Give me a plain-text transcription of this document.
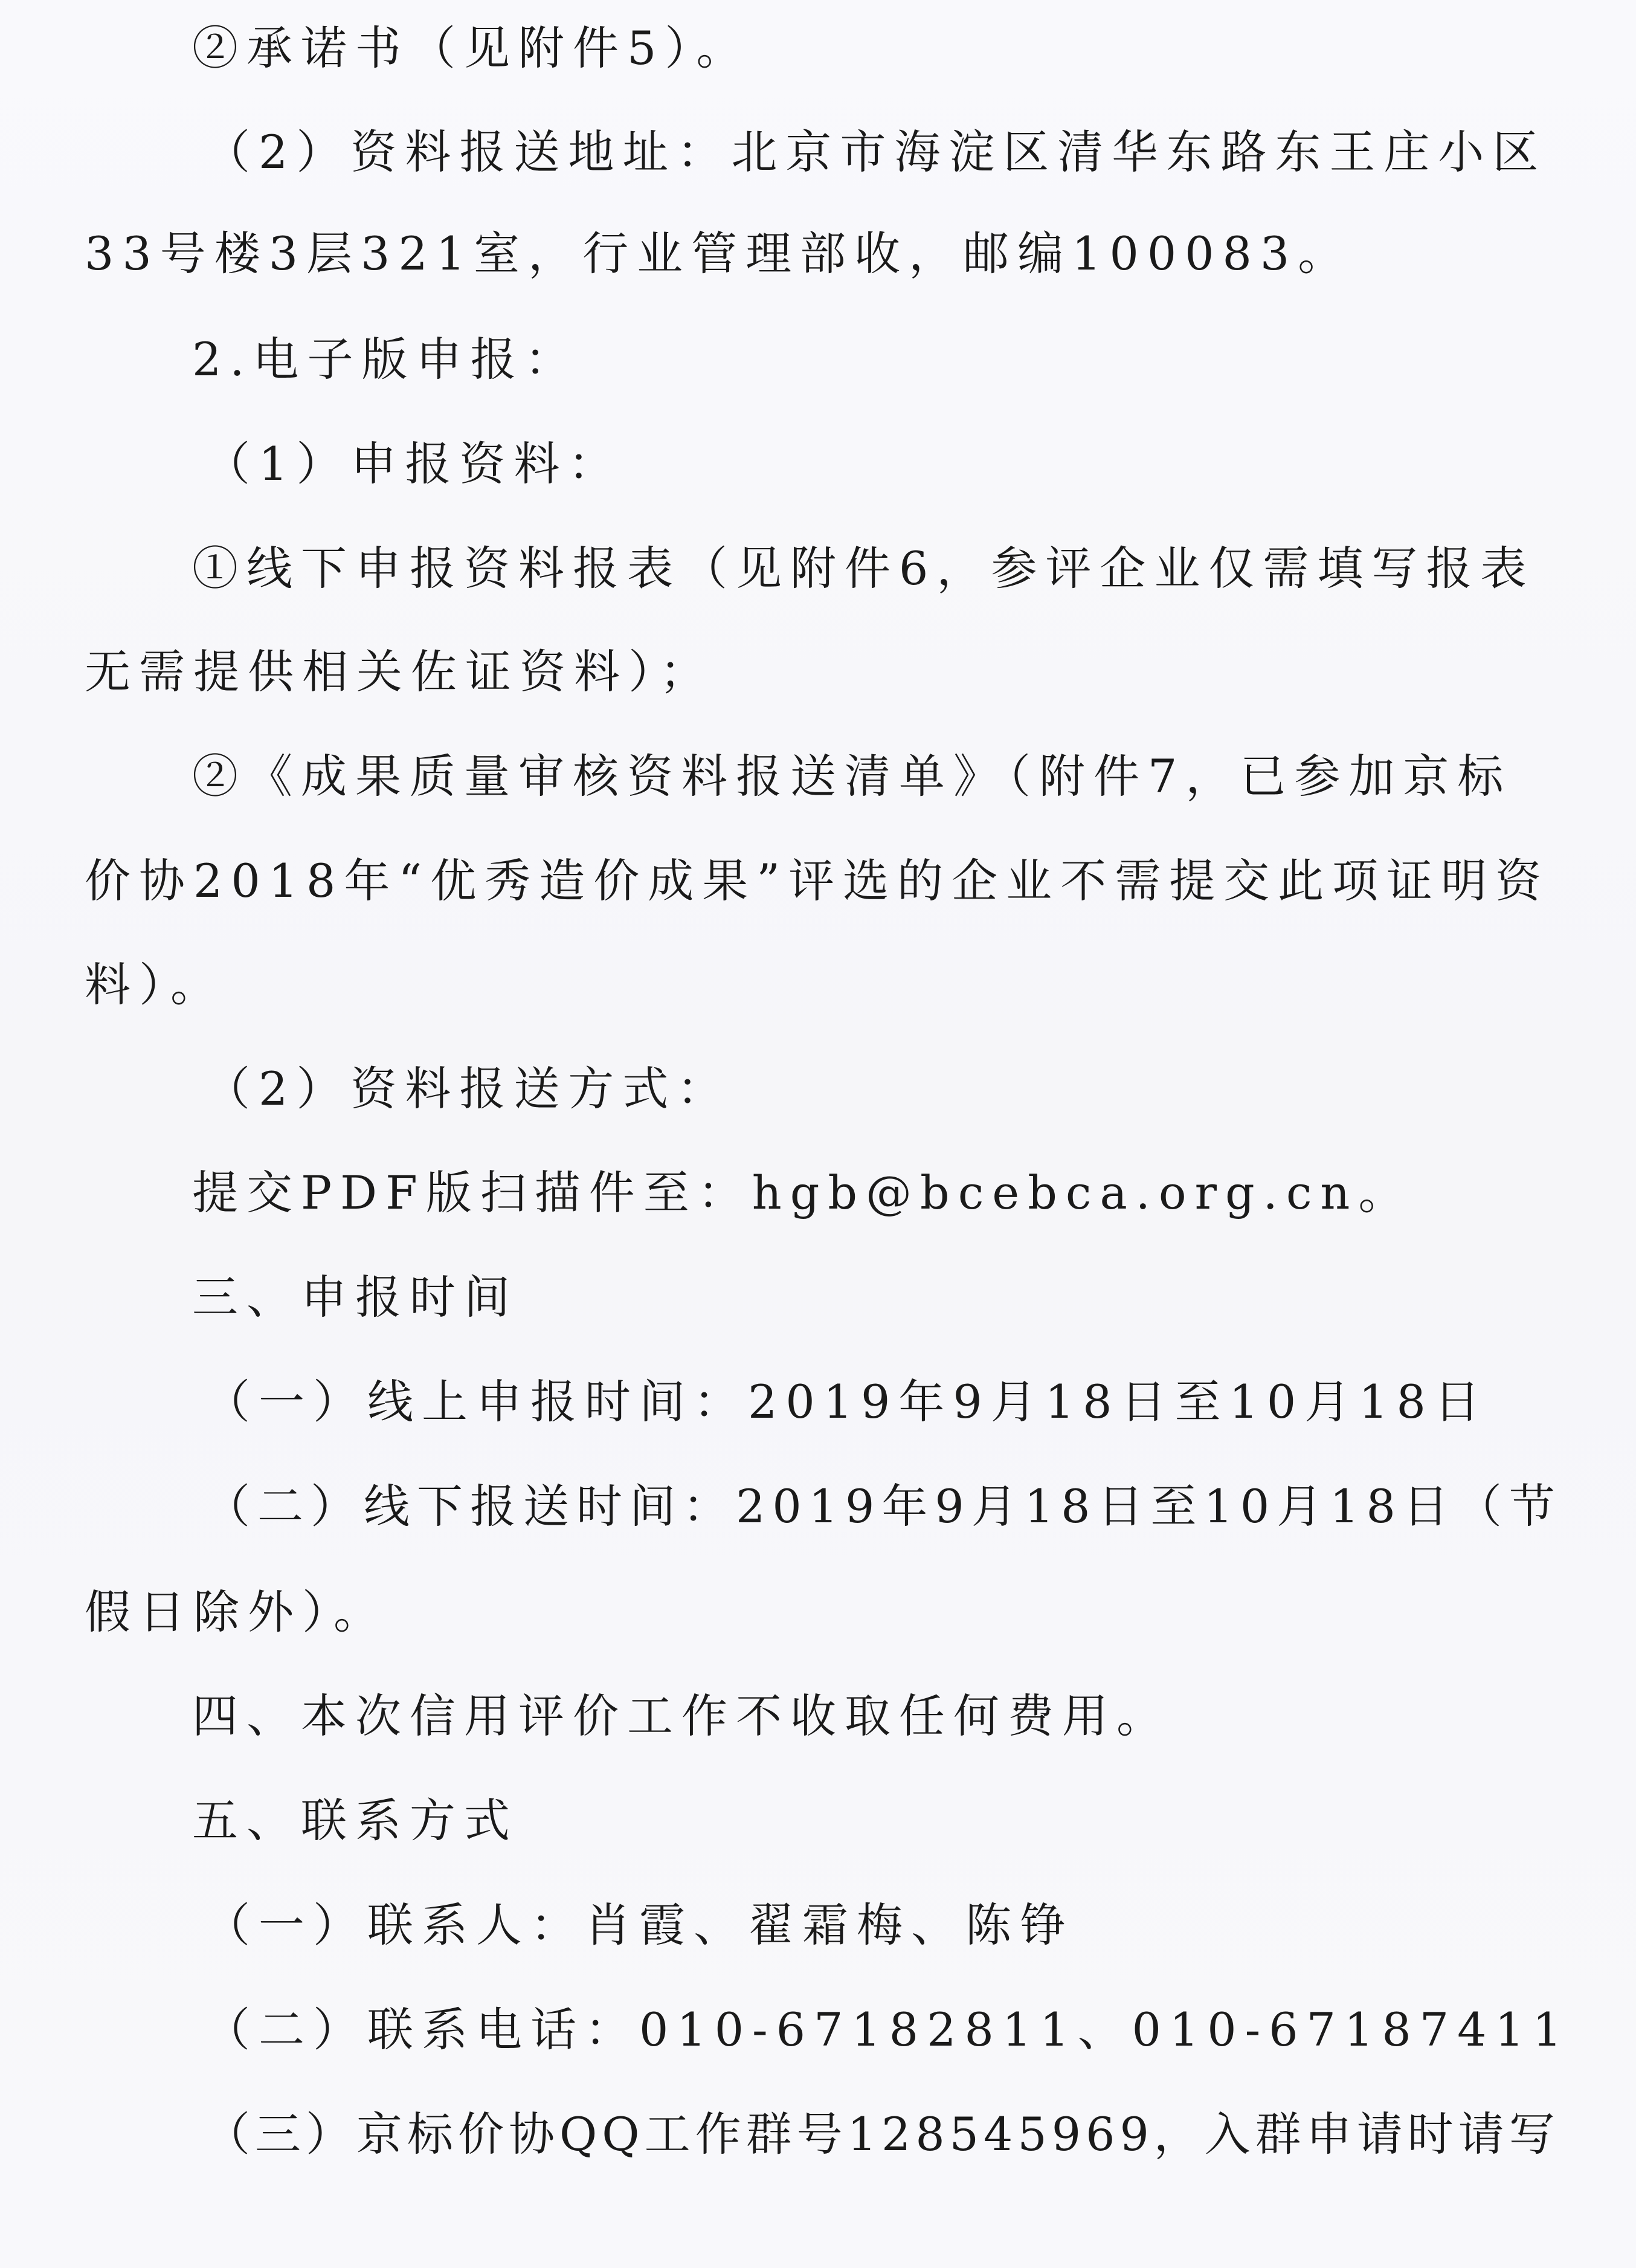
②承诺书（见附件5）。
（2）资料报送地址：北京市海淀区清华东路东王庄小区
33号楼3层321室，行业管理部收，邮编100083。
2.电子版申报：
（1）申报资料：
①线下申报资料报表（见附件6，参评企业仅需填写报表
无需提供相关佐证资料）；
②《成果质量审核资料报送清单》（附件7，已参加京标
价协2018年“优秀造价成果”评选的企业不需提交此项证明资
料）。
（2）资料报送方式：
提交PDF版扫描件至：hgb@bcebca.org.cn。
三、申报时间
（一）线上申报时间：2019年9月18日至10月18日
（二）线下报送时间：2019年9月18日至10月18日（节
假日除外）。
四、本次信用评价工作不收取任何费用。
五、联系方式
（一）联系人：肖霞、翟霜梅、陈铮
（二）联系电话：010-67182811、010-67187411
（三）京标价协QQ工作群号128545969，入群申请时请写
